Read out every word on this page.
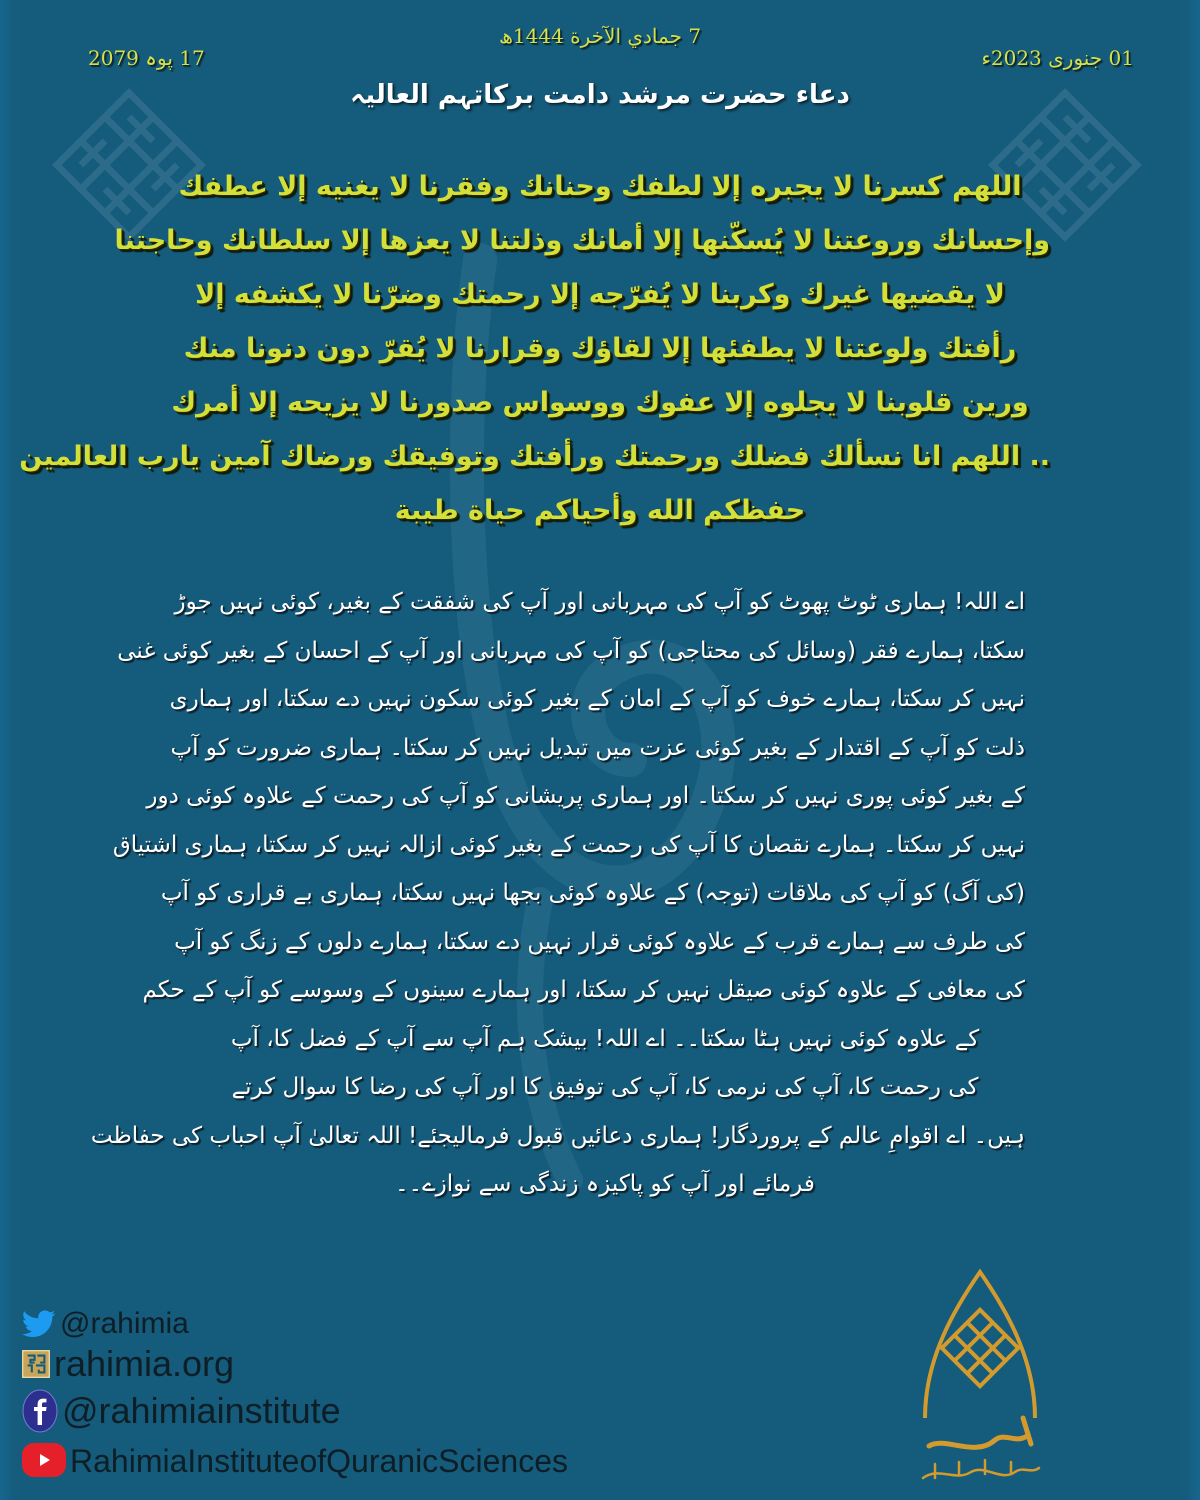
7 جمادي الآخرة 1444ھ
01 جنوری 2023ء
17 پوہ 2079
دعاء حضرت مرشد دامت برکاتہم العالیہ
اللهم كسرنا لا يجبره إلا لطفك وحنانك وفقرنا لا يغنيه إلا عطفك
وإحسانك وروعتنا لا يُسكّنها إلا أمانك وذلتنا لا يعزها إلا سلطانك وحاجتنا
لا يقضيها غيرك وكربنا لا يُفرّجه إلا رحمتك وضرّنا لا يكشفه إلا
رأفتك ولوعتنا لا يطفئها إلا لقاؤك وقرارنا لا يُقرّ دون دنونا منك
ورين قلوبنا لا يجلوه إلا عفوك ووسواس صدورنا لا يزيحه إلا أمرك
.. اللهم انا نسألك فضلك ورحمتك ورأفتك وتوفيقك ورضاك آمين يارب العالمين
حفظكم الله وأحياكم حياة طيبة
اے اللہ! ہماری ٹوٹ پھوٹ کو آپ کی مہربانی اور آپ کی شفقت کے بغیر، کوئی نہیں جوڑ
سکتا، ہمارے فقر (وسائل کی محتاجی) کو آپ کی مہربانی اور آپ کے احسان کے بغیر کوئی غنی
نہیں کر سکتا، ہمارے خوف کو آپ کے امان کے بغیر کوئی سکون نہیں دے سکتا، اور ہماری
ذلت کو آپ کے اقتدار کے بغیر کوئی عزت میں تبدیل نہیں کر سکتا۔ ہماری ضرورت کو آپ
کے بغیر کوئی پوری نہیں کر سکتا۔ اور ہماری پریشانی کو آپ کی رحمت کے علاوہ کوئی دور
نہیں کر سکتا۔ ہمارے نقصان کا آپ کی رحمت کے بغیر کوئی ازالہ نہیں کر سکتا، ہماری اشتیاق
(کی آگ) کو آپ کی ملاقات (توجہ) کے علاوہ کوئی بجھا نہیں سکتا، ہماری بے قراری کو آپ
کی طرف سے ہمارے قرب کے علاوہ کوئی قرار نہیں دے سکتا، ہمارے دلوں کے زنگ کو آپ
کی معافی کے علاوہ کوئی صیقل نہیں کر سکتا، اور ہمارے سینوں کے وسوسے کو آپ کے حکم
کے علاوہ کوئی نہیں ہٹا سکتا۔۔ اے اللہ! بیشک ہم آپ سے آپ کے فضل کا، آپ
کی رحمت کا، آپ کی نرمی کا، آپ کی توفیق کا اور آپ کی رضا کا سوال کرتے
ہیں۔ اے اقوامِ عالم کے پروردگار! ہماری دعائیں قبول فرمالیجئے! اللہ تعالیٰ آپ احباب کی حفاظت
فرمائے اور آپ کو پاکیزہ زندگی سے نوازے۔۔
@rahimia
rahimia.org
@rahimiainstitute
RahimiaInstituteofQuranicSciences
